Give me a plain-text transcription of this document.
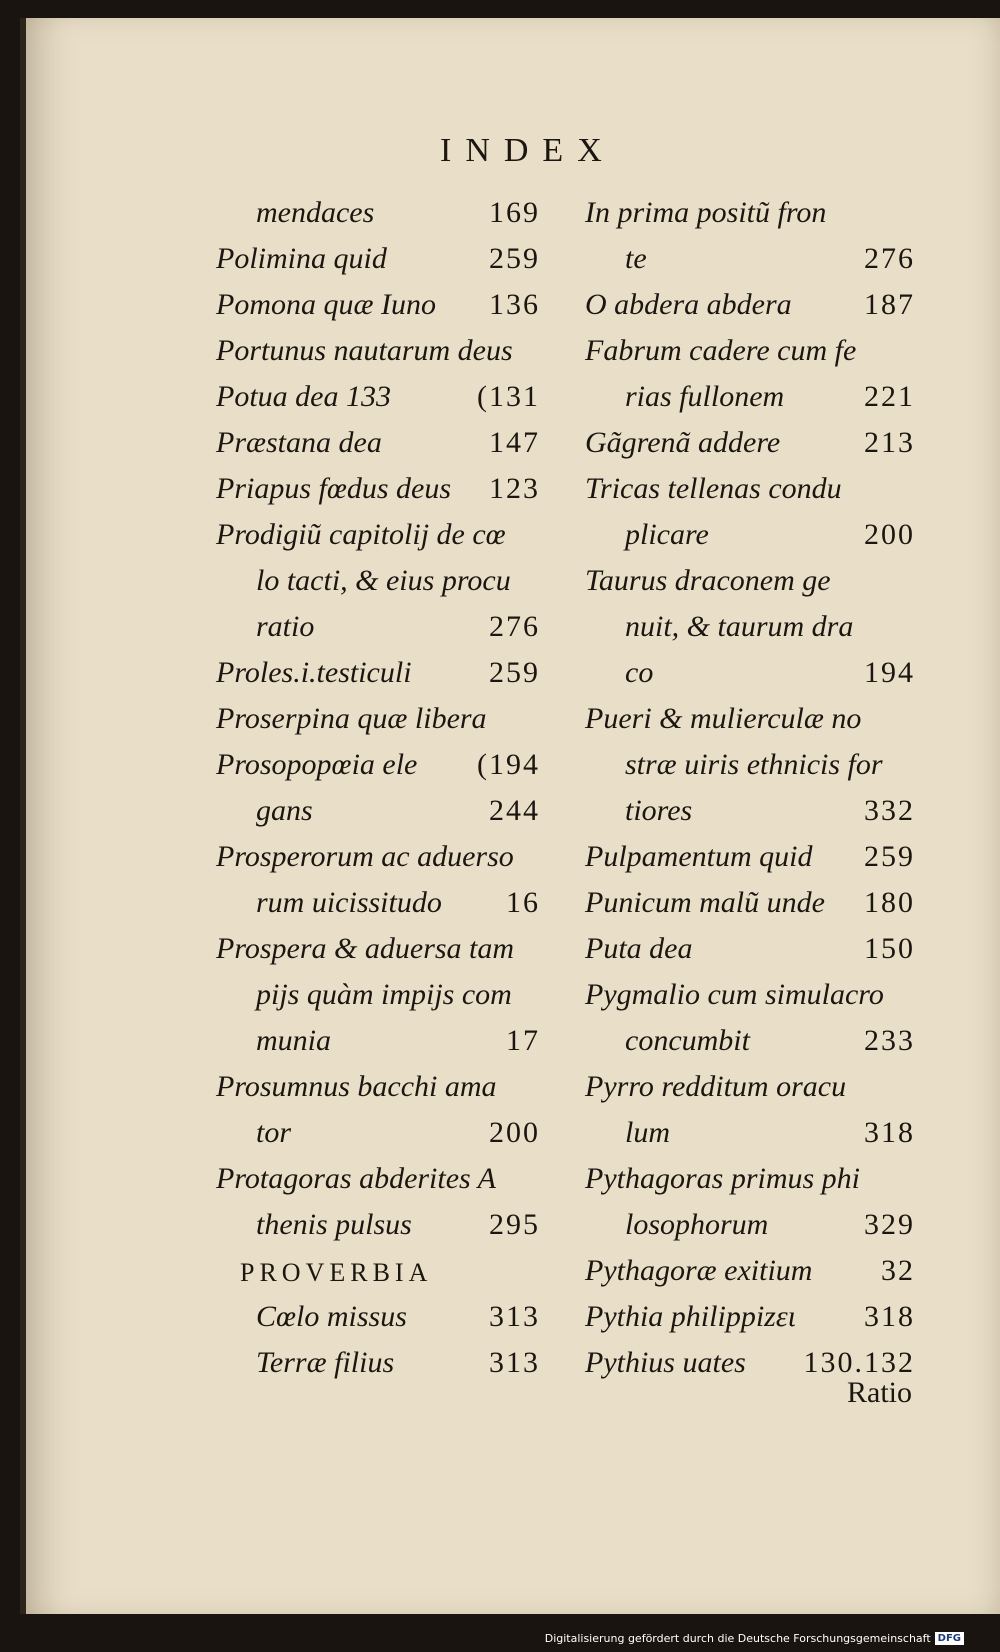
INDEX
mendaces	169
Polimina quid	259
Pomona quæ Iuno 136
Portunus nautarum deus
Potua dea 133	(131
Præstana dea	147
Priapus fœdus deus 123
Prodigiũ capitolij de cœ
lo tacti, & eius procu
ratio	276
Proles.i.testiculi	259
Proserpina quæ libera
Prosopopœia ele (194
gans	244
Prosperorum ac aduerso
rum uicissitudo 16
Prospera & aduersa tam
pijs quàm impijs com
munia	17
Prosumnus bacchi ama
tor	200
Protagoras abderites A
thenis pulsus	295
PROVERBIA
Cœlo missus	313
Terræ filius	313
In prima positũ fron
te	276
O abdera abdera 187
Fabrum cadere cum fe
rias fullonem	221
Gãgrenã addere	213
Tricas tellenas condu
plicare	200
Taurus draconem ge
nuit, & taurum dra
co	194
Pueri & mulierculæ no
stræ uiris ethnicis for
tiores	332
Pulpamentum quid 259
Punicum malũ unde 180
Puta dea	150
Pygmalio cum simulacro
concumbit	233
Pyrro redditum oracu
lum	318
Pythagoras primus phi
losophorum	329
Pythagoræ exitium 32
Pythia philippizει 318
Pythius uates 130.132
Ratio
Digitalisierung gefördert durch die Deutsche Forschungsgemeinschaft DFG
